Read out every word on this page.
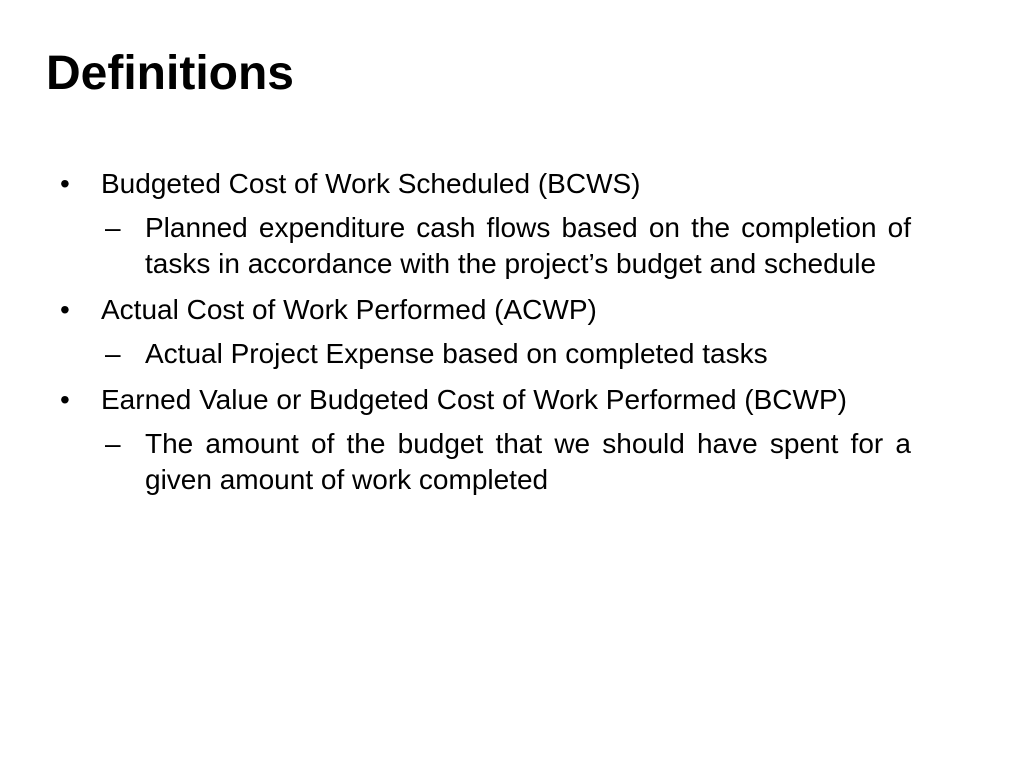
Definitions
• Budgeted Cost of Work Scheduled (BCWS)
– Planned expenditure cash flows based on the completion of tasks in accordance with the project’s budget and schedule
• Actual Cost of Work Performed (ACWP)
– Actual Project Expense based on completed tasks
• Earned Value or Budgeted Cost of Work Performed (BCWP)
– The amount of the budget that we should have spent for a given amount of work completed
